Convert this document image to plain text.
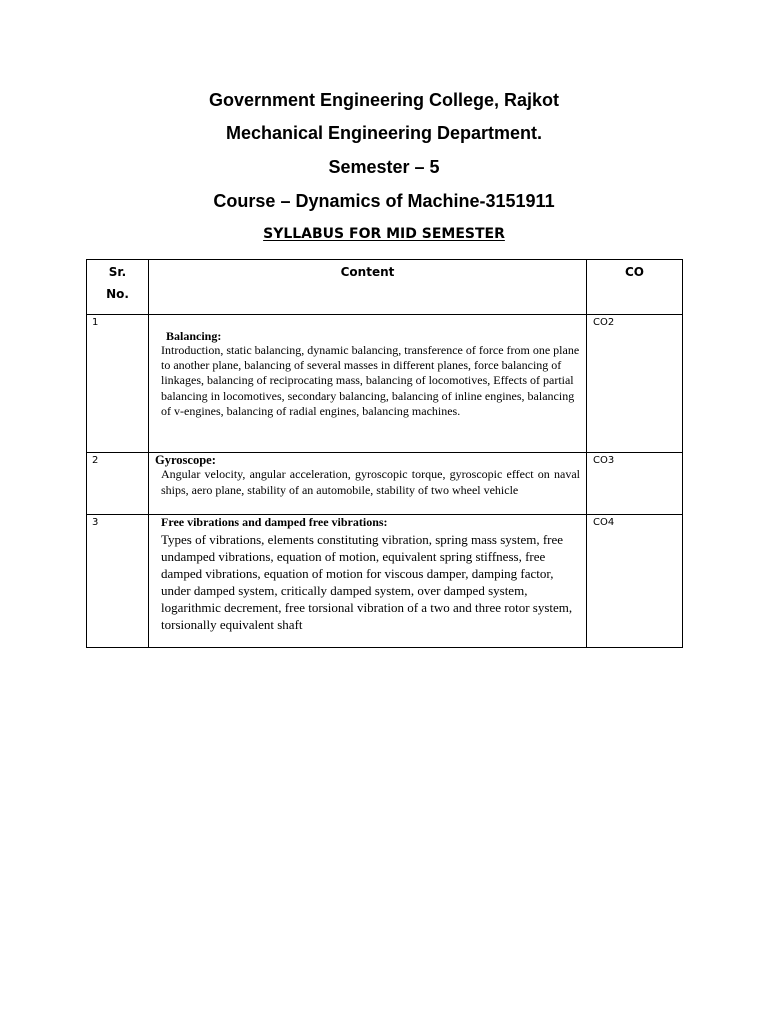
Government Engineering College, Rajkot
Mechanical Engineering Department.
Semester – 5
Course – Dynamics of Machine-3151911
SYLLABUS FOR MID SEMESTER
Sr.
No.	Content	CO

1	Balancing:
Introduction, static balancing, dynamic balancing, transference of force from one plane to another plane, balancing of several masses in different planes, force balancing of linkages, balancing of reciprocating mass, balancing of locomotives, Effects of partial balancing in locomotives, secondary balancing, balancing of inline engines, balancing of v-engines, balancing of radial engines, balancing machines.	CO2

2	Gyroscope:
Angular velocity, angular acceleration, gyroscopic torque, gyroscopic effect on naval ships, aero plane, stability of an automobile, stability of two wheel vehicle	CO3

3	Free vibrations and damped free vibrations:
Types of vibrations, elements constituting vibration, spring mass system, free undamped vibrations, equation of motion, equivalent spring stiffness, free damped vibrations, equation of motion for viscous damper, damping factor, under damped system, critically damped system, over damped system, logarithmic decrement, free torsional vibration of a two and three rotor system, torsionally equivalent shaft	CO4
